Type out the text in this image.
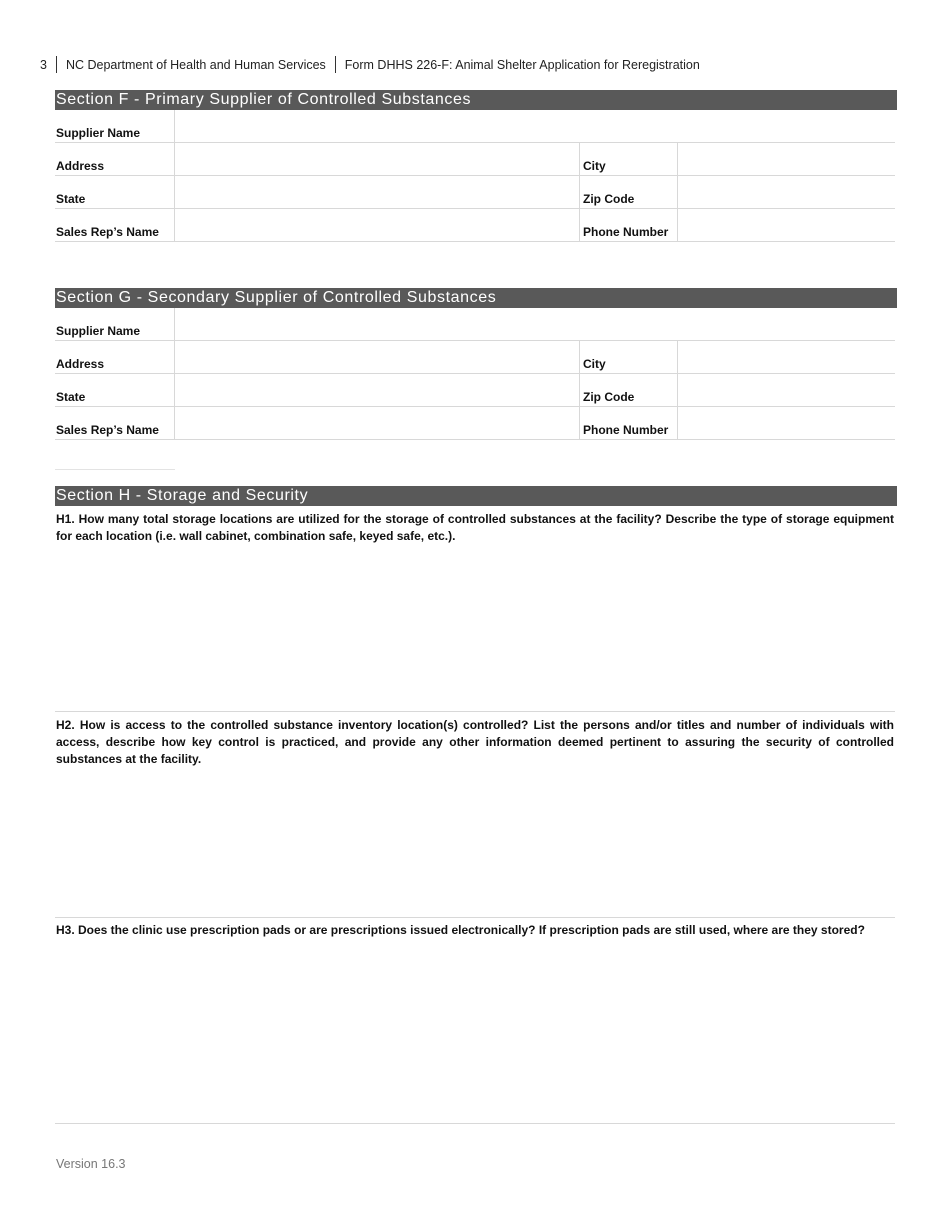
3 NC Department of Health and Human Services Form DHHS 226-F: Animal Shelter Application for Reregistration
Section F - Primary Supplier of Controlled Substances
Supplier Name
Address	City
State	Zip Code
Sales Rep’s Name	Phone Number
Section G - Secondary Supplier of Controlled Substances
Supplier Name
Address	City
State	Zip Code
Sales Rep’s Name	Phone Number
Section H - Storage and Security
H1. How many total storage locations are utilized for the storage of controlled substances at the facility? Describe the type of storage equipment for each location (i.e. wall cabinet, combination safe, keyed safe, etc.).
H2. How is access to the controlled substance inventory location(s) controlled? List the persons and/or titles and number of individuals with access, describe how key control is practiced, and provide any other information deemed pertinent to assuring the security of controlled substances at the facility.
H3. Does the clinic use prescription pads or are prescriptions issued electronically? If prescription pads are still used, where are they stored?
Version 16.3
